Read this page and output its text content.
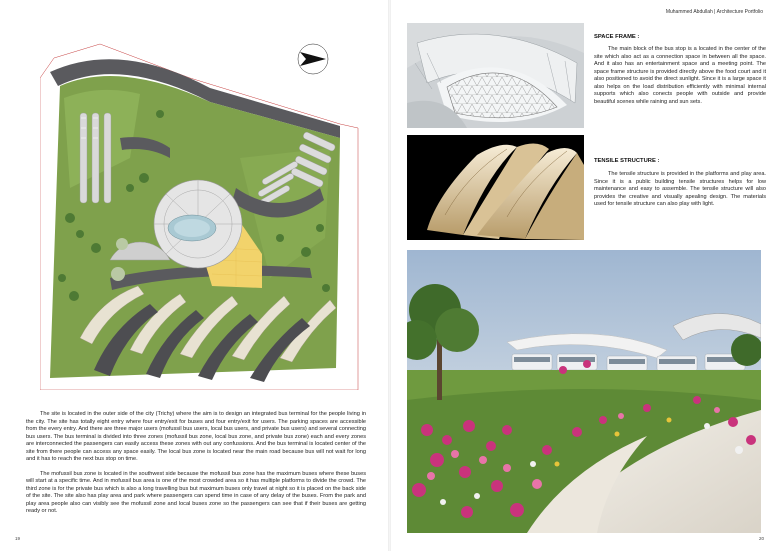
Muhammed Abdullah | Architecture Portfolio

The site is located in the outer side of the city (Trichy) where the aim is to design an integrated bus terminal for the people living in the city. The site has totally eight entry where four entry/exit for buses and four entry/exit for users. The parking spaces are accessible from the every entry. And there are three major users (mofussil bus users, local bus users, and private bus users) and several connecting bus users. The bus terminal is divided into three zones (mofussil bus zone, local bus zone, and private bus zone) each and every zones are interconnected the passengers can easily access these zones with out any confussions. And the bus terminal is located center of the site from there people can access any space easily. The local bus zone is located near the main road because bus will not wait for long and it has to reach the next bus stop on time.

The mofussil bus zone is located in the southwest side because the mofussil bus zone has the maximum buses where these buses will start at a specific time. And in mofussil bus area is one of the most crowded area so it has multiple platforms to divide the crowd. The third zone is for the private bus which is also a long travelling bus but maximum buses only travel at night so it is placed on the back side of the site. The site also has play area and park where passengers can spend time in case of any delay of the buses. From the park and play area people also can visibly see the mofussil zone and local buses zone so the passengers can see that if their buses are getting ready or not.

19
SPACE FRAME :

The main block of the bus stop is a located in the center of the site which also act as a connection space in between all the space. And it also has an entertainment space and a meeting point. The space frame structure is provided directly above the food court and it also positioned to avoid the direct sunlight. Since it is a large space it also helps on the load distribution efficiently with minimal internal supports which also conects people with outside and provide beautiful scenes while raining and sun sets.

TENSILE STRUCTURE :

The tensile structure is provided in the platforms and play area. Since it is a public building tensile structures helps for low maintenance and easy to assemble. The tensile structure will also provides the creative and visually apealing design. The materials used for tensile structure can also play with light.

20
